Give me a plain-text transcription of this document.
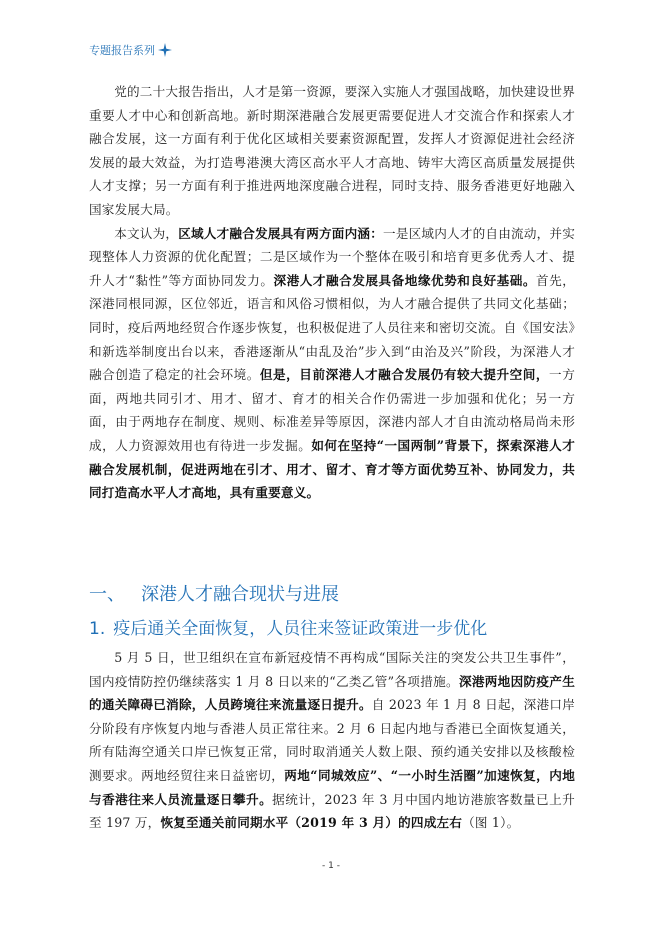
专题报告系列

党的二十大报告指出，人才是第一资源，要深入实施人才强国战略，加快建设世界重要人才中心和创新高地。新时期深港融合发展更需要促进人才交流合作和探索人才融合发展，这一方面有利于优化区域相关要素资源配置，发挥人才资源促进社会经济发展的最大效益，为打造粤港澳大湾区高水平人才高地、铸牢大湾区高质量发展提供人才支撑；另一方面有利于推进两地深度融合进程，同时支持、服务香港更好地融入国家发展大局。

本文认为，区域人才融合发展具有两方面内涵：一是区域内人才的自由流动，并实现整体人力资源的优化配置；二是区域作为一个整体在吸引和培育更多优秀人才、提升人才“黏性”等方面协同发力。深港人才融合发展具备地缘优势和良好基础。首先，深港同根同源，区位邻近，语言和风俗习惯相似，为人才融合提供了共同文化基础；同时，疫后两地经贸合作逐步恢复，也积极促进了人员往来和密切交流。自《国安法》和新选举制度出台以来，香港逐渐从“由乱及治”步入到“由治及兴”阶段，为深港人才融合创造了稳定的社会环境。但是，目前深港人才融合发展仍有较大提升空间，一方面，两地共同引才、用才、留才、育才的相关合作仍需进一步加强和优化；另一方面，由于两地存在制度、规则、标准差异等原因，深港内部人才自由流动格局尚未形成，人力资源效用也有待进一步发掘。如何在坚持“一国两制”背景下，探索深港人才融合发展机制，促进两地在引才、用才、留才、育才等方面优势互补、协同发力，共同打造高水平人才高地，具有重要意义。

一、 深港人才融合现状与进展
1. 疫后通关全面恢复，人员往来签证政策进一步优化

5 月 5 日，世卫组织在宣布新冠疫情不再构成“国际关注的突发公共卫生事件”，国内疫情防控仍继续落实 1 月 8 日以来的“乙类乙管”各项措施。深港两地因防疫产生的通关障碍已消除，人员跨境往来流量逐日提升。自 2023 年 1 月 8 日起，深港口岸分阶段有序恢复内地与香港人员正常往来。2 月 6 日起内地与香港已全面恢复通关，所有陆海空通关口岸已恢复正常，同时取消通关人数上限、预约通关安排以及核酸检测要求。两地经贸往来日益密切，两地“同城效应”、“一小时生活圈”加速恢复，内地与香港往来人员流量逐日攀升。据统计，2023 年 3 月中国内地访港旅客数量已上升至 197 万，恢复至通关前同期水平（2019 年 3 月）的四成左右（图 1）。

- 1 -
